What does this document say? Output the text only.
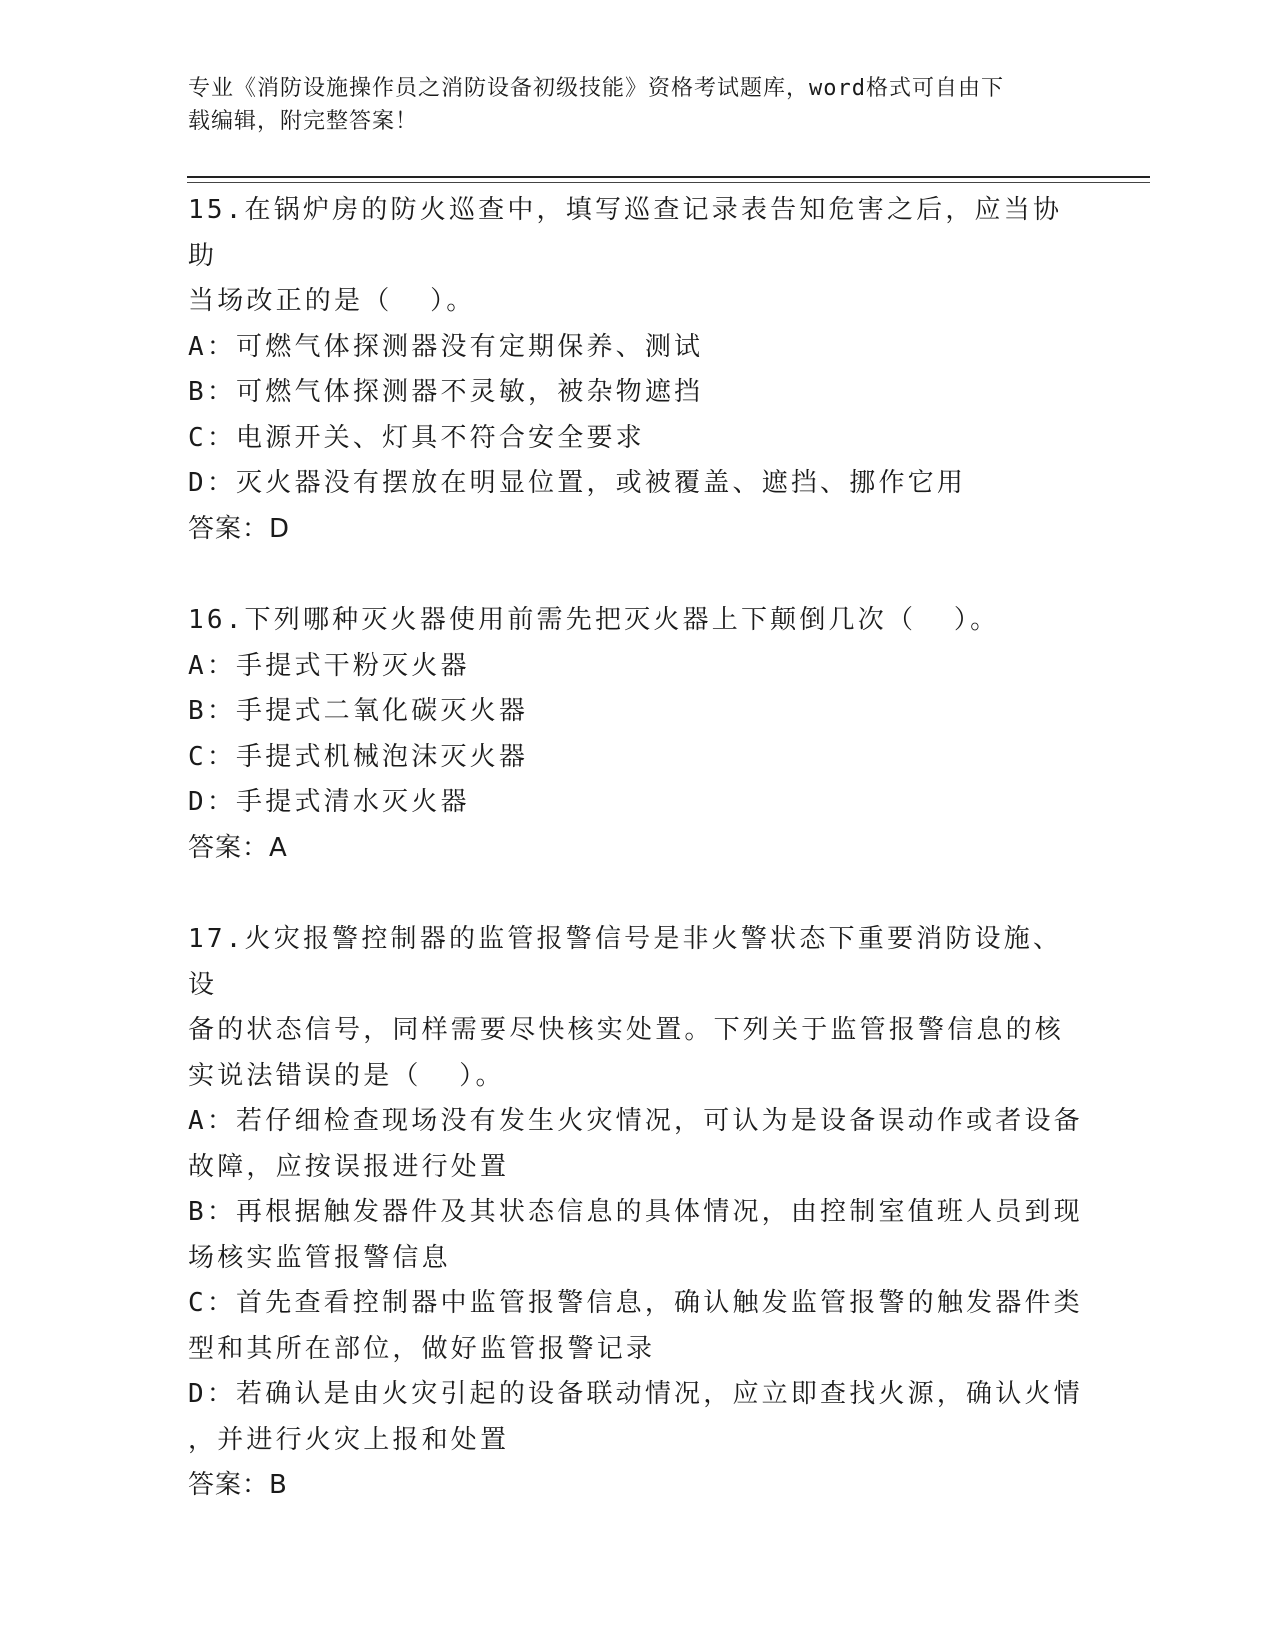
专业《消防设施操作员之消防设备初级技能》资格考试题库，word格式可自由下
载编辑，附完整答案！
15.在锅炉房的防火巡查中，填写巡查记录表告知危害之后，应当协助
当场改正的是（  ）。
A：可燃气体探测器没有定期保养、测试
B：可燃气体探测器不灵敏，被杂物遮挡
C：电源开关、灯具不符合安全要求
D：灭火器没有摆放在明显位置，或被覆盖、遮挡、挪作它用
答案：D
16.下列哪种灭火器使用前需先把灭火器上下颠倒几次（  ）。
A：手提式干粉灭火器
B：手提式二氧化碳灭火器
C：手提式机械泡沫灭火器
D：手提式清水灭火器
答案：A
17.火灾报警控制器的监管报警信号是非火警状态下重要消防设施、设
备的状态信号，同样需要尽快核实处置。下列关于监管报警信息的核
实说法错误的是（  ）。
A：若仔细检查现场没有发生火灾情况，可认为是设备误动作或者设备
故障，应按误报进行处置
B：再根据触发器件及其状态信息的具体情况，由控制室值班人员到现
场核实监管报警信息
C：首先查看控制器中监管报警信息，确认触发监管报警的触发器件类
型和其所在部位，做好监管报警记录
D：若确认是由火灾引起的设备联动情况，应立即查找火源，确认火情
，并进行火灾上报和处置
答案：B
